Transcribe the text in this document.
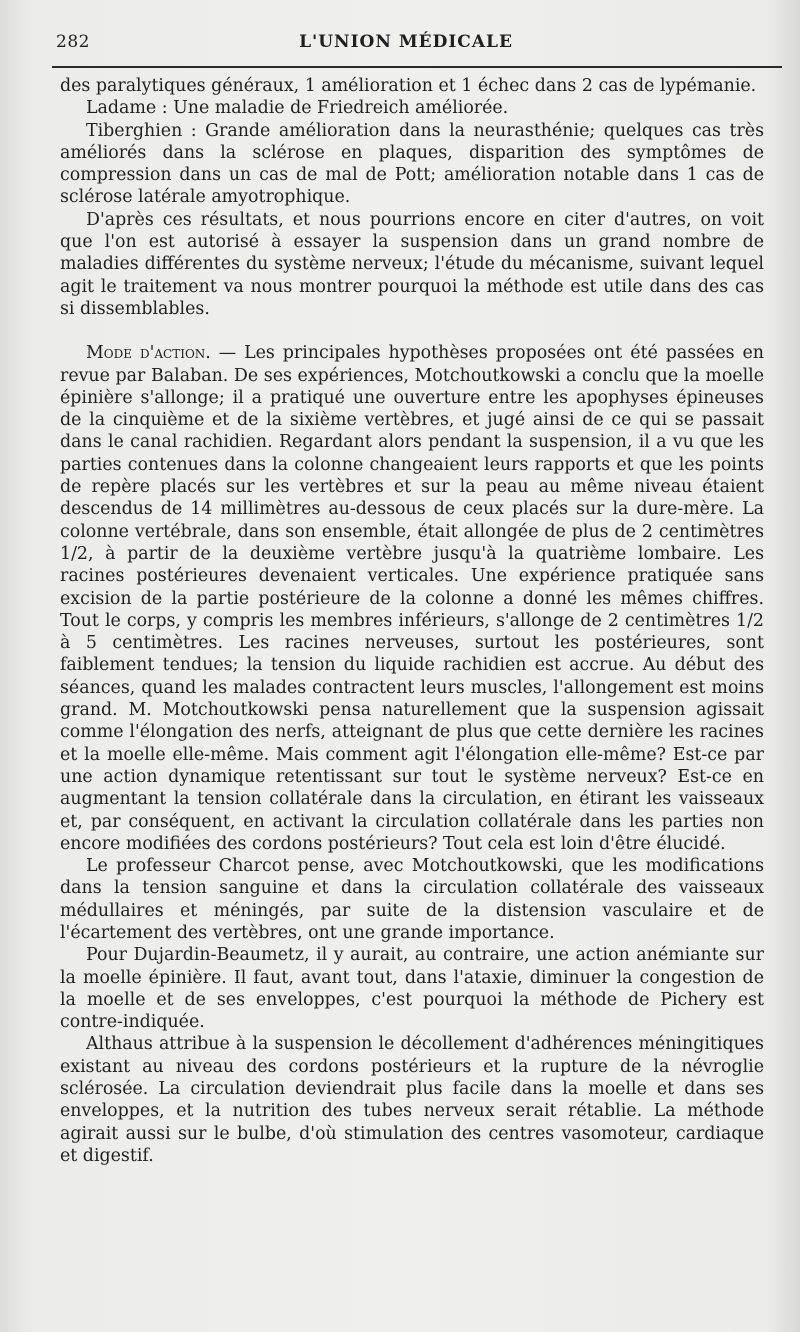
282	L'UNION MÉDICALE

des paralytiques généraux, 1 amélioration et 1 échec dans 2 cas de lypémanie.

Ladame : Une maladie de Friedreich améliorée.

Tiberghien : Grande amélioration dans la neurasthénie; quelques cas très améliorés dans la sclérose en plaques, disparition des symptômes de compression dans un cas de mal de Pott; amélioration notable dans 1 cas de sclérose latérale amyotrophique.

D'après ces résultats, et nous pourrions encore en citer d'autres, on voit que l'on est autorisé à essayer la suspension dans un grand nombre de maladies différentes du système nerveux; l'étude du mécanisme, suivant lequel agit le traitement va nous montrer pourquoi la méthode est utile dans des cas si dissemblables.

Mode d'action. — Les principales hypothèses proposées ont été passées en revue par Balaban. De ses expériences, Motchoutkowski a conclu que la moelle épinière s'allonge; il a pratiqué une ouverture entre les apophyses épineuses de la cinquième et de la sixième vertèbres, et jugé ainsi de ce qui se passait dans le canal rachidien. Regardant alors pendant la suspension, il a vu que les parties contenues dans la colonne changeaient leurs rapports et que les points de repère placés sur les vertèbres et sur la peau au même niveau étaient descendus de 14 millimètres au-dessous de ceux placés sur la dure-mère. La colonne vertébrale, dans son ensemble, était allongée de plus de 2 centimètres 1/2, à partir de la deuxième vertèbre jusqu'à la quatrième lombaire. Les racines postérieures devenaient verticales. Une expérience pratiquée sans excision de la partie postérieure de la colonne a donné les mêmes chiffres. Tout le corps, y compris les membres inférieurs, s'allonge de 2 centimètres 1/2 à 5 centimètres. Les racines nerveuses, surtout les postérieures, sont faiblement tendues; la tension du liquide rachidien est accrue. Au début des séances, quand les malades contractent leurs muscles, l'allongement est moins grand. M. Motchoutkowski pensa naturellement que la suspension agissait comme l'élongation des nerfs, atteignant de plus que cette dernière les racines et la moelle elle-même. Mais comment agit l'élongation elle-même? Est-ce par une action dynamique retentissant sur tout le système nerveux? Est-ce en augmentant la tension collatérale dans la circulation, en étirant les vaisseaux et, par conséquent, en activant la circulation collatérale dans les parties non encore modifiées des cordons postérieurs? Tout cela est loin d'être élucidé.

Le professeur Charcot pense, avec Motchoutkowski, que les modifications dans la tension sanguine et dans la circulation collatérale des vaisseaux médullaires et méningés, par suite de la distension vasculaire et de l'écartement des vertèbres, ont une grande importance.

Pour Dujardin-Beaumetz, il y aurait, au contraire, une action anémiante sur la moelle épinière. Il faut, avant tout, dans l'ataxie, diminuer la congestion de la moelle et de ses enveloppes, c'est pourquoi la méthode de Pichery est contre-indiquée.

Althaus attribue à la suspension le décollement d'adhérences méningitiques existant au niveau des cordons postérieurs et la rupture de la névroglie sclérosée. La circulation deviendrait plus facile dans la moelle et dans ses enveloppes, et la nutrition des tubes nerveux serait rétablie. La méthode agirait aussi sur le bulbe, d'où stimulation des centres vasomoteur, cardiaque et digestif.
